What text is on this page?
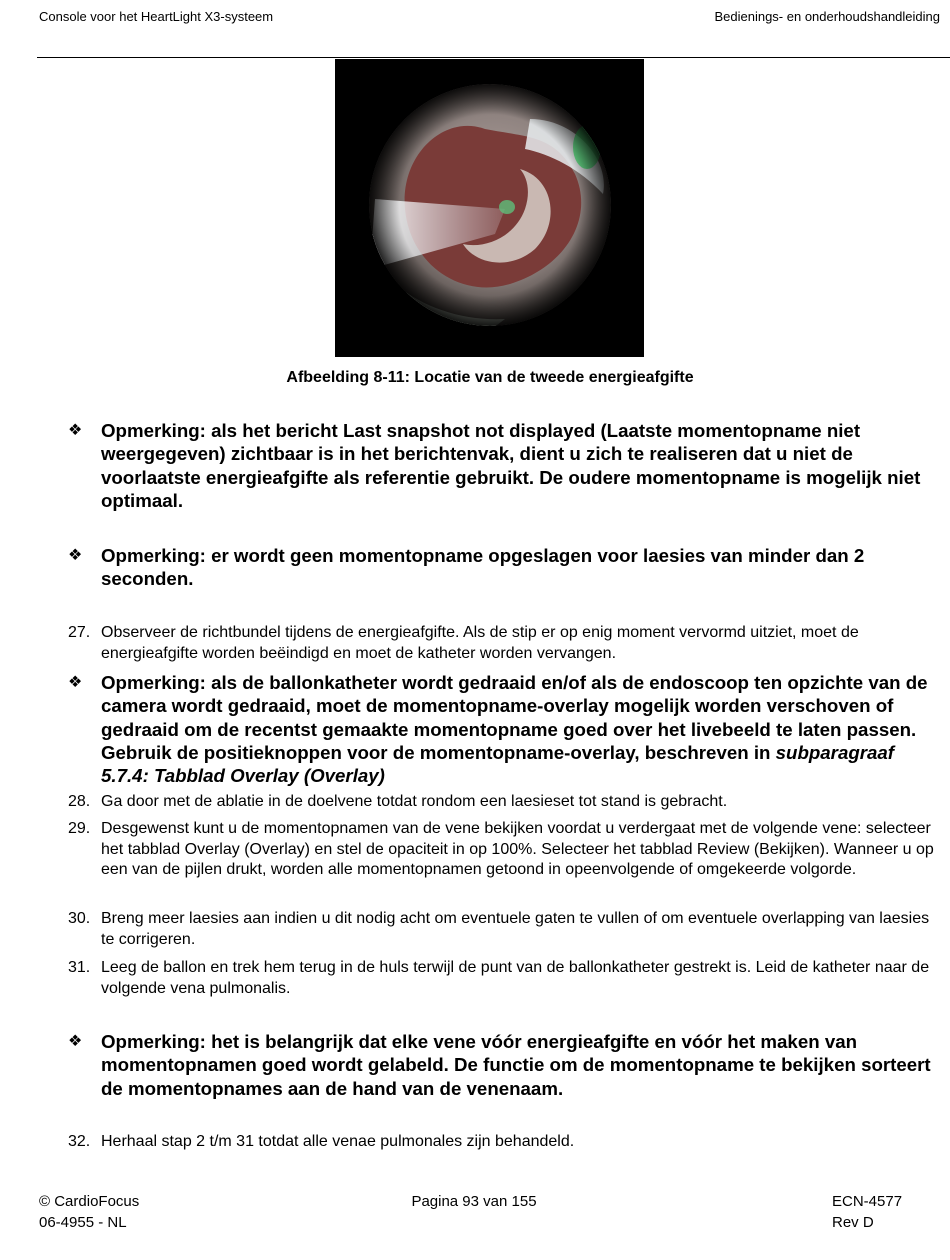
Console voor het HeartLight X3-systeem	Bedienings- en onderhoudshandleiding
Afbeelding 8-11: Locatie van de tweede energieafgifte
❖ Opmerking: als het bericht Last snapshot not displayed (Laatste momentopname niet weergegeven) zichtbaar is in het berichtenvak, dient u zich te realiseren dat u niet de voorlaatste energieafgifte als referentie gebruikt. De oudere momentopname is mogelijk niet optimaal.
❖ Opmerking: er wordt geen momentopname opgeslagen voor laesies van minder dan 2 seconden.
27. Observeer de richtbundel tijdens de energieafgifte. Als de stip er op enig moment vervormd uitziet, moet de energieafgifte worden beëindigd en moet de katheter worden vervangen.
❖ Opmerking: als de ballonkatheter wordt gedraaid en/of als de endoscoop ten opzichte van de camera wordt gedraaid, moet de momentopname-overlay mogelijk worden verschoven of gedraaid om de recentst gemaakte momentopname goed over het livebeeld te laten passen. Gebruik de positieknoppen voor de momentopname-overlay, beschreven in subparagraaf 5.7.4: Tabblad Overlay (Overlay)
28. Ga door met de ablatie in de doelvene totdat rondom een laesieset tot stand is gebracht.
29. Desgewenst kunt u de momentopnamen van de vene bekijken voordat u verdergaat met de volgende vene: selecteer het tabblad Overlay (Overlay) en stel de opaciteit in op 100%. Selecteer het tabblad Review (Bekijken). Wanneer u op een van de pijlen drukt, worden alle momentopnamen getoond in opeenvolgende of omgekeerde volgorde.
30. Breng meer laesies aan indien u dit nodig acht om eventuele gaten te vullen of om eventuele overlapping van laesies te corrigeren.
31. Leeg de ballon en trek hem terug in de huls terwijl de punt van de ballonkatheter gestrekt is. Leid de katheter naar de volgende vena pulmonalis.
❖ Opmerking: het is belangrijk dat elke vene vóór energieafgifte en vóór het maken van momentopnamen goed wordt gelabeld. De functie om de momentopname te bekijken sorteert de momentopnames aan de hand van de venenaam.
32. Herhaal stap 2 t/m 31 totdat alle venae pulmonales zijn behandeld.
© CardioFocus
06-4955 - NL
Pagina 93 van 155	ECN-4577
Rev D
